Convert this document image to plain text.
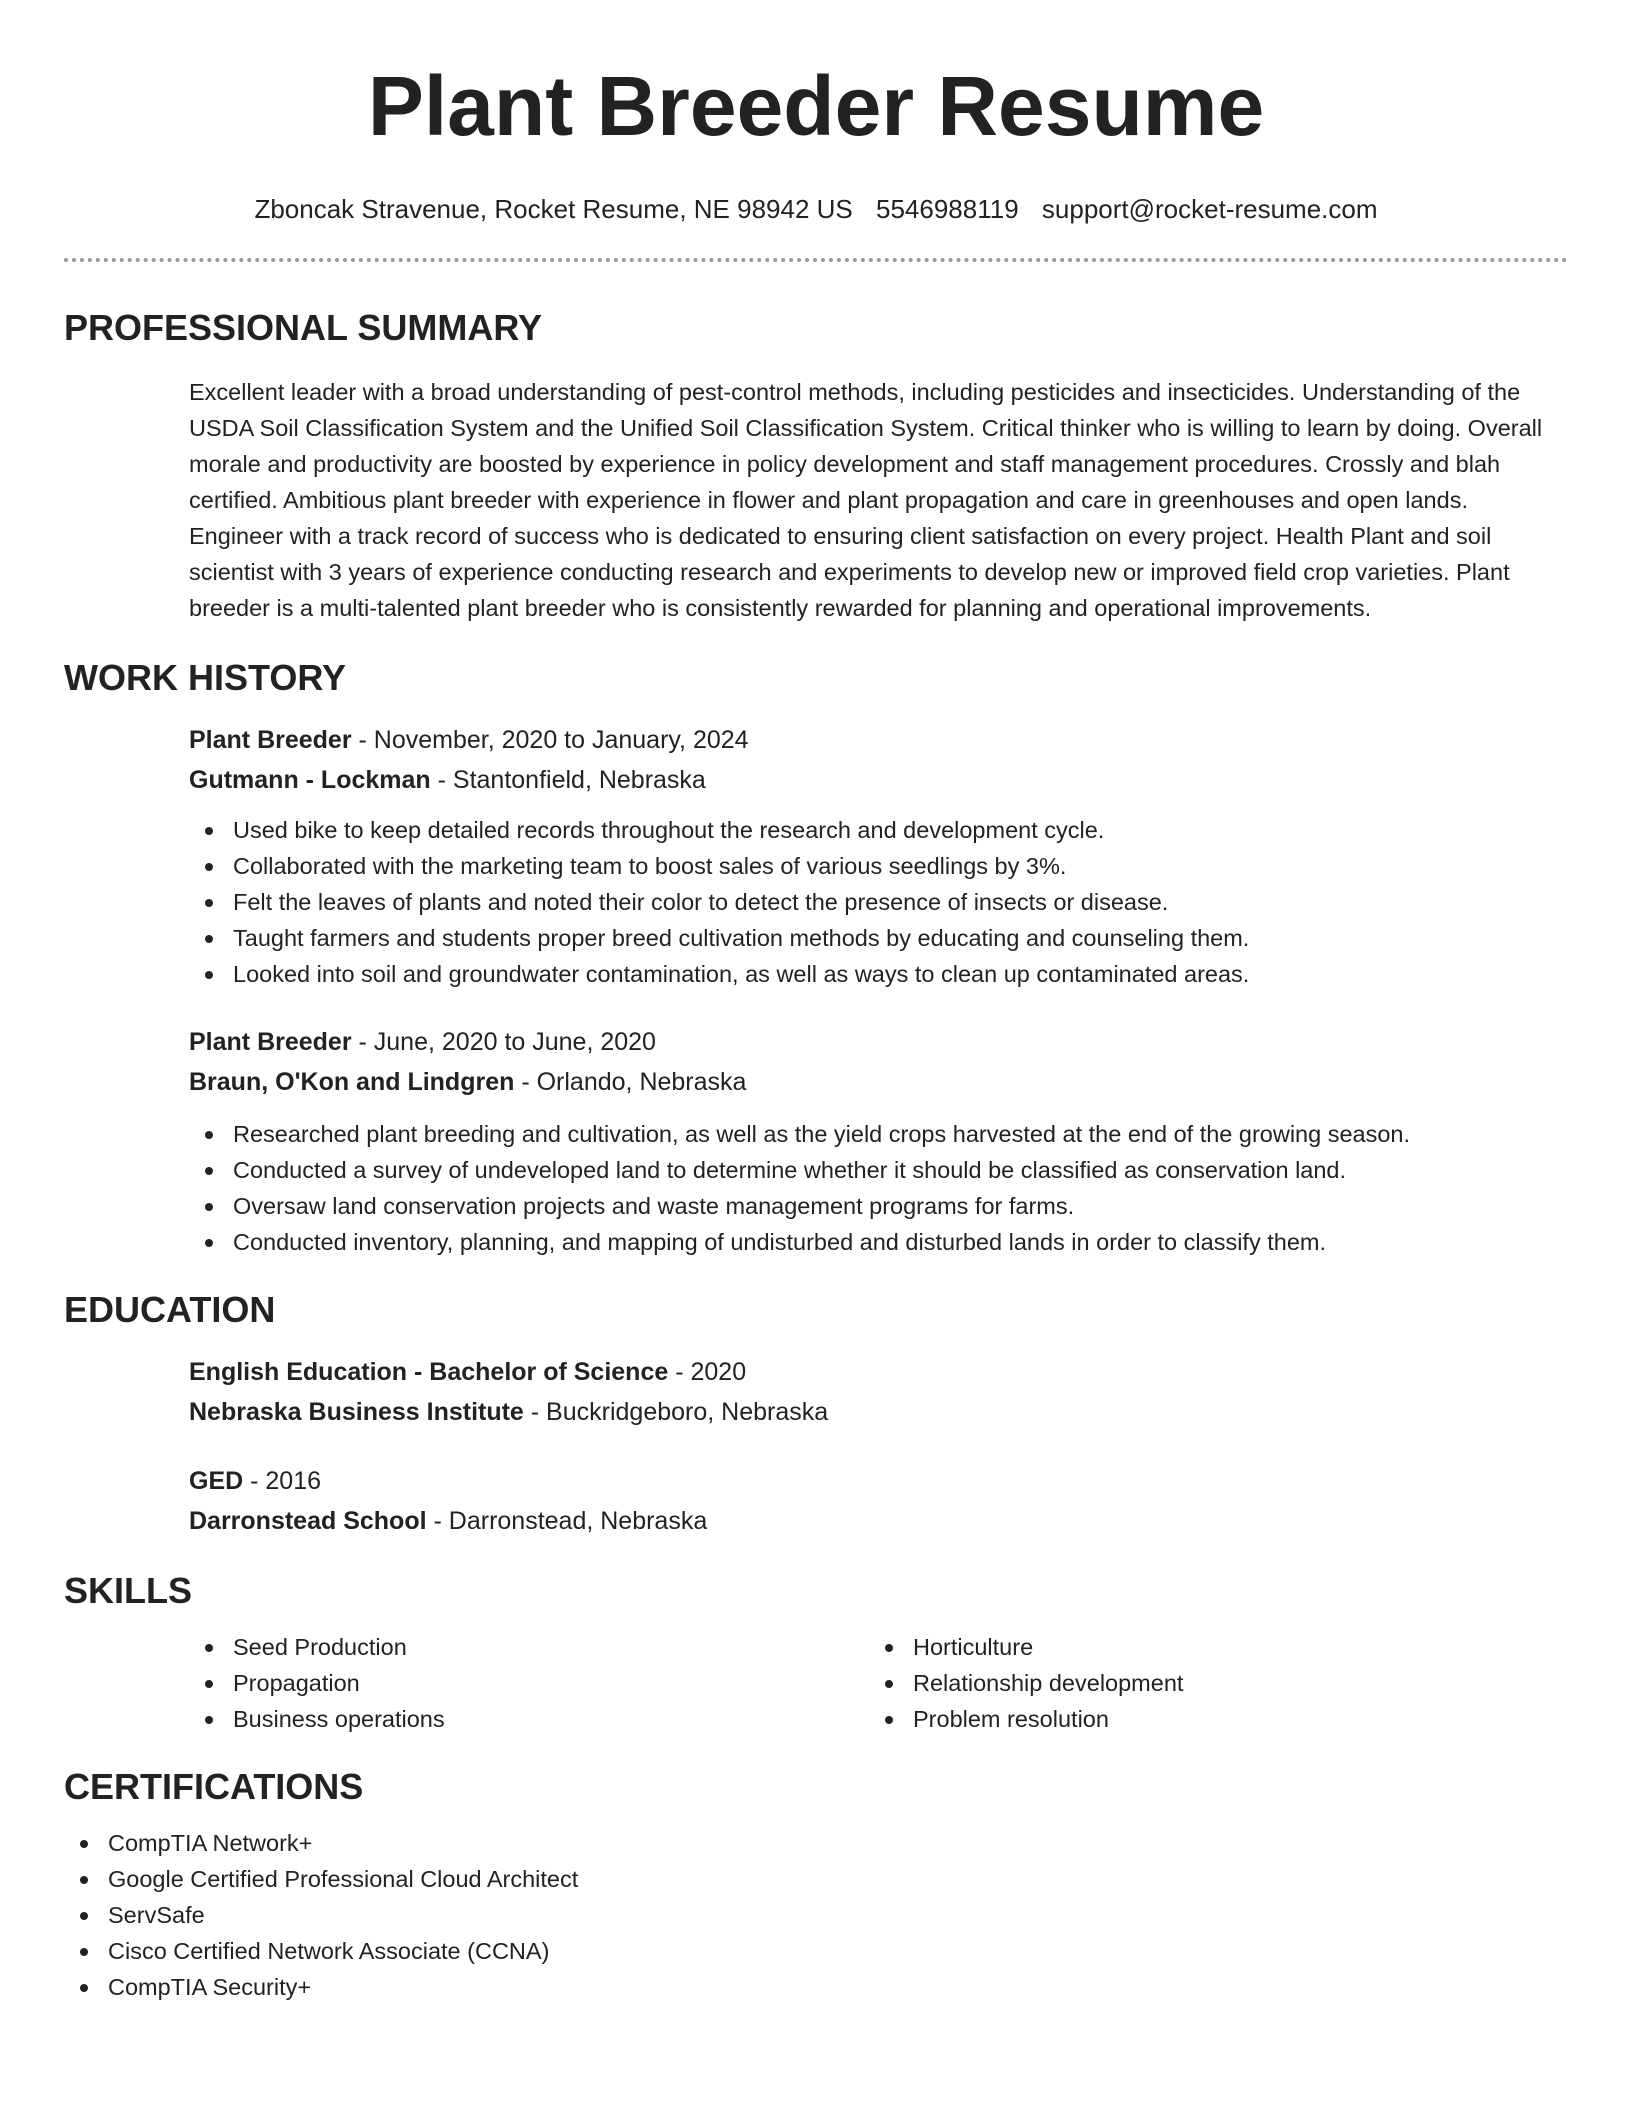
Plant Breeder Resume
Zboncak Stravenue, Rocket Resume, NE 98942 US 5546988119 support@rocket-resume.com
PROFESSIONAL SUMMARY
Excellent leader with a broad understanding of pest-control methods, including pesticides and insecticides. Understanding of the USDA Soil Classification System and the Unified Soil Classification System. Critical thinker who is willing to learn by doing. Overall morale and productivity are boosted by experience in policy development and staff management procedures. Crossly and blah certified. Ambitious plant breeder with experience in flower and plant propagation and care in greenhouses and open lands. Engineer with a track record of success who is dedicated to ensuring client satisfaction on every project. Health Plant and soil scientist with 3 years of experience conducting research and experiments to develop new or improved field crop varieties. Plant breeder is a multi-talented plant breeder who is consistently rewarded for planning and operational improvements.
WORK HISTORY
Plant Breeder - November, 2020 to January, 2024
Gutmann - Lockman - Stantonfield, Nebraska
Used bike to keep detailed records throughout the research and development cycle.
Collaborated with the marketing team to boost sales of various seedlings by 3%.
Felt the leaves of plants and noted their color to detect the presence of insects or disease.
Taught farmers and students proper breed cultivation methods by educating and counseling them.
Looked into soil and groundwater contamination, as well as ways to clean up contaminated areas.
Plant Breeder - June, 2020 to June, 2020
Braun, O'Kon and Lindgren - Orlando, Nebraska
Researched plant breeding and cultivation, as well as the yield crops harvested at the end of the growing season.
Conducted a survey of undeveloped land to determine whether it should be classified as conservation land.
Oversaw land conservation projects and waste management programs for farms.
Conducted inventory, planning, and mapping of undisturbed and disturbed lands in order to classify them.
EDUCATION
English Education - Bachelor of Science - 2020
Nebraska Business Institute - Buckridgeboro, Nebraska
GED - 2016
Darronstead School - Darronstead, Nebraska
SKILLS
Seed Production
Propagation
Business operations
Horticulture
Relationship development
Problem resolution
CERTIFICATIONS
CompTIA Network+
Google Certified Professional Cloud Architect
ServSafe
Cisco Certified Network Associate (CCNA)
CompTIA Security+
